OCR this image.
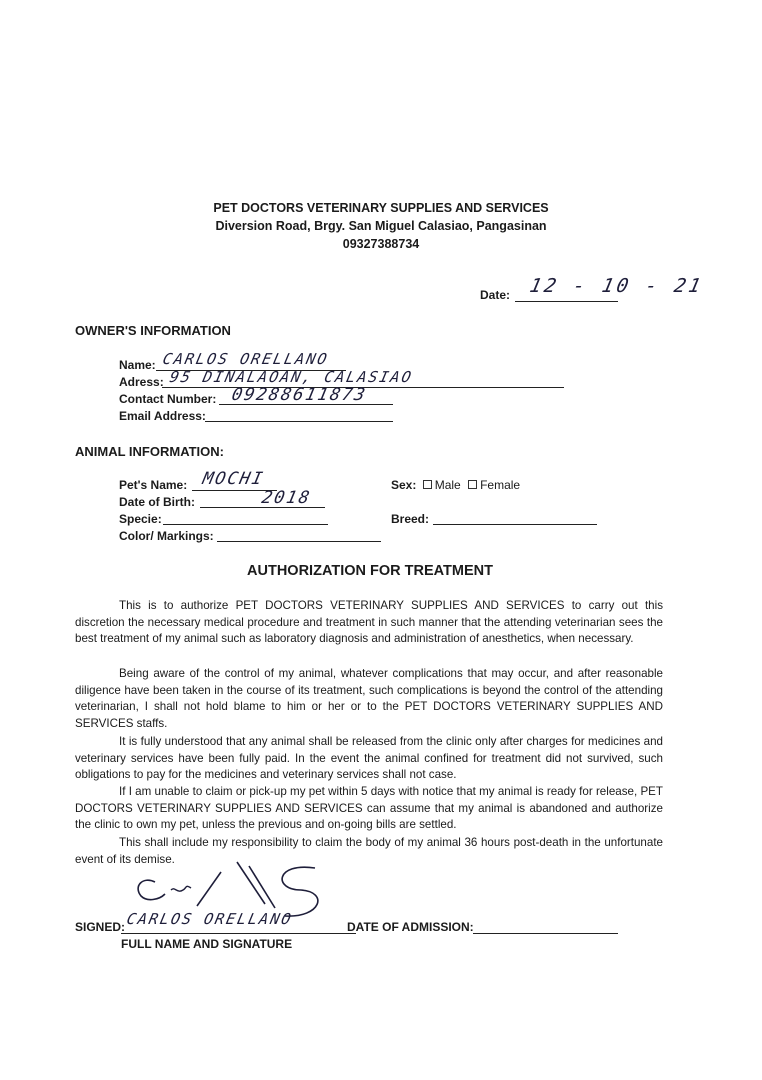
PET DOCTORS VETERINARY SUPPLIES AND SERVICES
Diversion Road, Brgy. San Miguel Calasiao, Pangasinan
09327388734
Date: 12 - 10 - 21
OWNER'S INFORMATION
Name: CARLOS ORELLANO
Adress: 95 DINALAOAN, CALASIAO
Contact Number: 09288611873
Email Address:
ANIMAL INFORMATION:
Pet's Name: MOCHI
Date of Birth:	2018
Specie:
Color/ Markings:
Sex: Male Female
Breed:
AUTHORIZATION FOR TREATMENT

This is to authorize PET DOCTORS VETERINARY SUPPLIES AND SERVICES to carry out this discretion the necessary medical procedure and treatment in such manner that the attending veterinarian sees the best treatment of my animal such as laboratory diagnosis and administration of anesthetics, when necessary.

Being aware of the control of my animal, whatever complications that may occur, and after reasonable diligence have been taken in the course of its treatment, such complications is beyond the control of the attending veterinarian, I shall not hold blame to him or her or to the PET DOCTORS VETERINARY SUPPLIES AND SERVICES staffs.

It is fully understood that any animal shall be released from the clinic only after charges for medicines and veterinary services have been fully paid. In the event the animal confined for treatment did not survived, such obligations to pay for the medicines and veterinary services shall not case.

If I am unable to claim or pick-up my pet within 5 days with notice that my animal is ready for release, PET DOCTORS VETERINARY SUPPLIES AND SERVICES can assume that my animal is abandoned and authorize the clinic to own my pet, unless the previous and on-going bills are settled.

This shall include my responsibility to claim the body of my animal 36 hours post-death in the unfortunate event of its demise.

SIGNED: CARLOS ORELLANO
FULL NAME AND SIGNATURE
DATE OF ADMISSION:
